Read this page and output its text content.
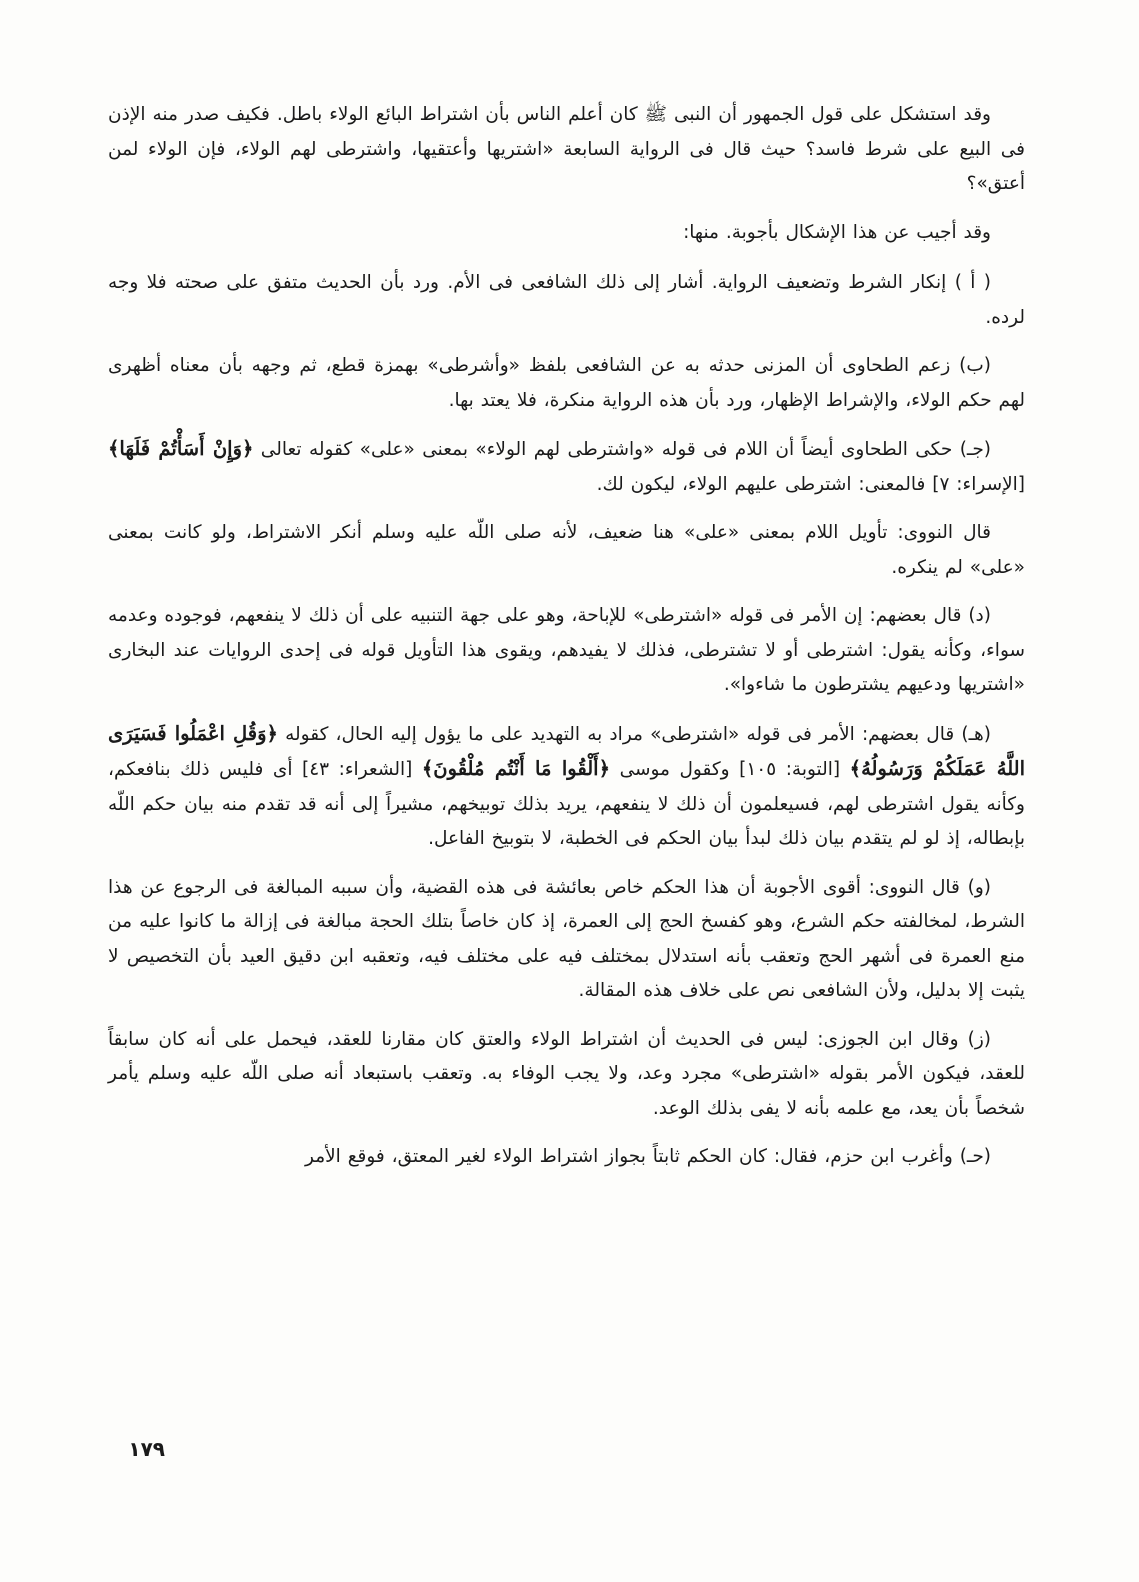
وقد استشكل على قول الجمهور أن النبى ﷺ كان أعلم الناس بأن اشتراط البائع الولاء باطل. فكيف صدر منه الإذن فى البيع على شرط فاسد؟ حيث قال فى الرواية السابعة «اشتريها وأعتقيها، واشترطى لهم الولاء، فإن الولاء لمن أعتق»؟

وقد أجيب عن هذا الإشكال بأجوبة. منها:

( أ ) إنكار الشرط وتضعيف الرواية. أشار إلى ذلك الشافعى فى الأم. ورد بأن الحديث متفق على صحته فلا وجه لرده.

(ب) زعم الطحاوى أن المزنى حدثه به عن الشافعى بلفظ «وأشرطى» بهمزة قطع، ثم وجهه بأن معناه أظهرى لهم حكم الولاء، والإشراط الإظهار، ورد بأن هذه الرواية منكرة، فلا يعتد بها.

(جـ) حكى الطحاوى أيضاً أن اللام فى قوله «واشترطى لهم الولاء» بمعنى «على» كقوله تعالى ﴿وَإِنْ أَسَأْتُمْ فَلَهَا﴾ [الإسراء: ٧] فالمعنى: اشترطى عليهم الولاء، ليكون لك.

قال النووى: تأويل اللام بمعنى «على» هنا ضعيف، لأنه صلى اللّه عليه وسلم أنكر الاشتراط، ولو كانت بمعنى «على» لم ينكره.

(د) قال بعضهم: إن الأمر فى قوله «اشترطى» للإباحة، وهو على جهة التنبيه على أن ذلك لا ينفعهم، فوجوده وعدمه سواء، وكأنه يقول: اشترطى أو لا تشترطى، فذلك لا يفيدهم، ويقوى هذا التأويل قوله فى إحدى الروايات عند البخارى «اشتريها ودعيهم يشترطون ما شاءوا».

(هـ) قال بعضهم: الأمر فى قوله «اشترطى» مراد به التهديد على ما يؤول إليه الحال، كقوله ﴿وَقُلِ اعْمَلُوا فَسَيَرَى اللَّهُ عَمَلَكُمْ وَرَسُولُهُ﴾ [التوبة: ١٠٥] وكقول موسى ﴿أَلْقُوا مَا أَنْتُم مُلْقُونَ﴾ [الشعراء: ٤٣] أى فليس ذلك بنافعكم، وكأنه يقول اشترطى لهم، فسيعلمون أن ذلك لا ينفعهم، يريد بذلك توبيخهم، مشيراً إلى أنه قد تقدم منه بيان حكم اللّه بإبطاله، إذ لو لم يتقدم بيان ذلك لبدأ بيان الحكم فى الخطبة، لا بتوبيخ الفاعل.

(و) قال النووى: أقوى الأجوبة أن هذا الحكم خاص بعائشة فى هذه القضية، وأن سببه المبالغة فى الرجوع عن هذا الشرط، لمخالفته حكم الشرع، وهو كفسخ الحج إلى العمرة، إذ كان خاصاً بتلك الحجة مبالغة فى إزالة ما كانوا عليه من منع العمرة فى أشهر الحج وتعقب بأنه استدلال بمختلف فيه على مختلف فيه، وتعقبه ابن دقيق العيد بأن التخصيص لا يثبت إلا بدليل، ولأن الشافعى نص على خلاف هذه المقالة.

(ز) وقال ابن الجوزى: ليس فى الحديث أن اشتراط الولاء والعتق كان مقارنا للعقد، فيحمل على أنه كان سابقاً للعقد، فيكون الأمر بقوله «اشترطى» مجرد وعد، ولا يجب الوفاء به. وتعقب باستبعاد أنه صلى اللّه عليه وسلم يأمر شخصاً بأن يعد، مع علمه بأنه لا يفى بذلك الوعد.

(حـ) وأغرب ابن حزم، فقال: كان الحكم ثابتاً بجواز اشتراط الولاء لغير المعتق، فوقع الأمر

١٧٩
